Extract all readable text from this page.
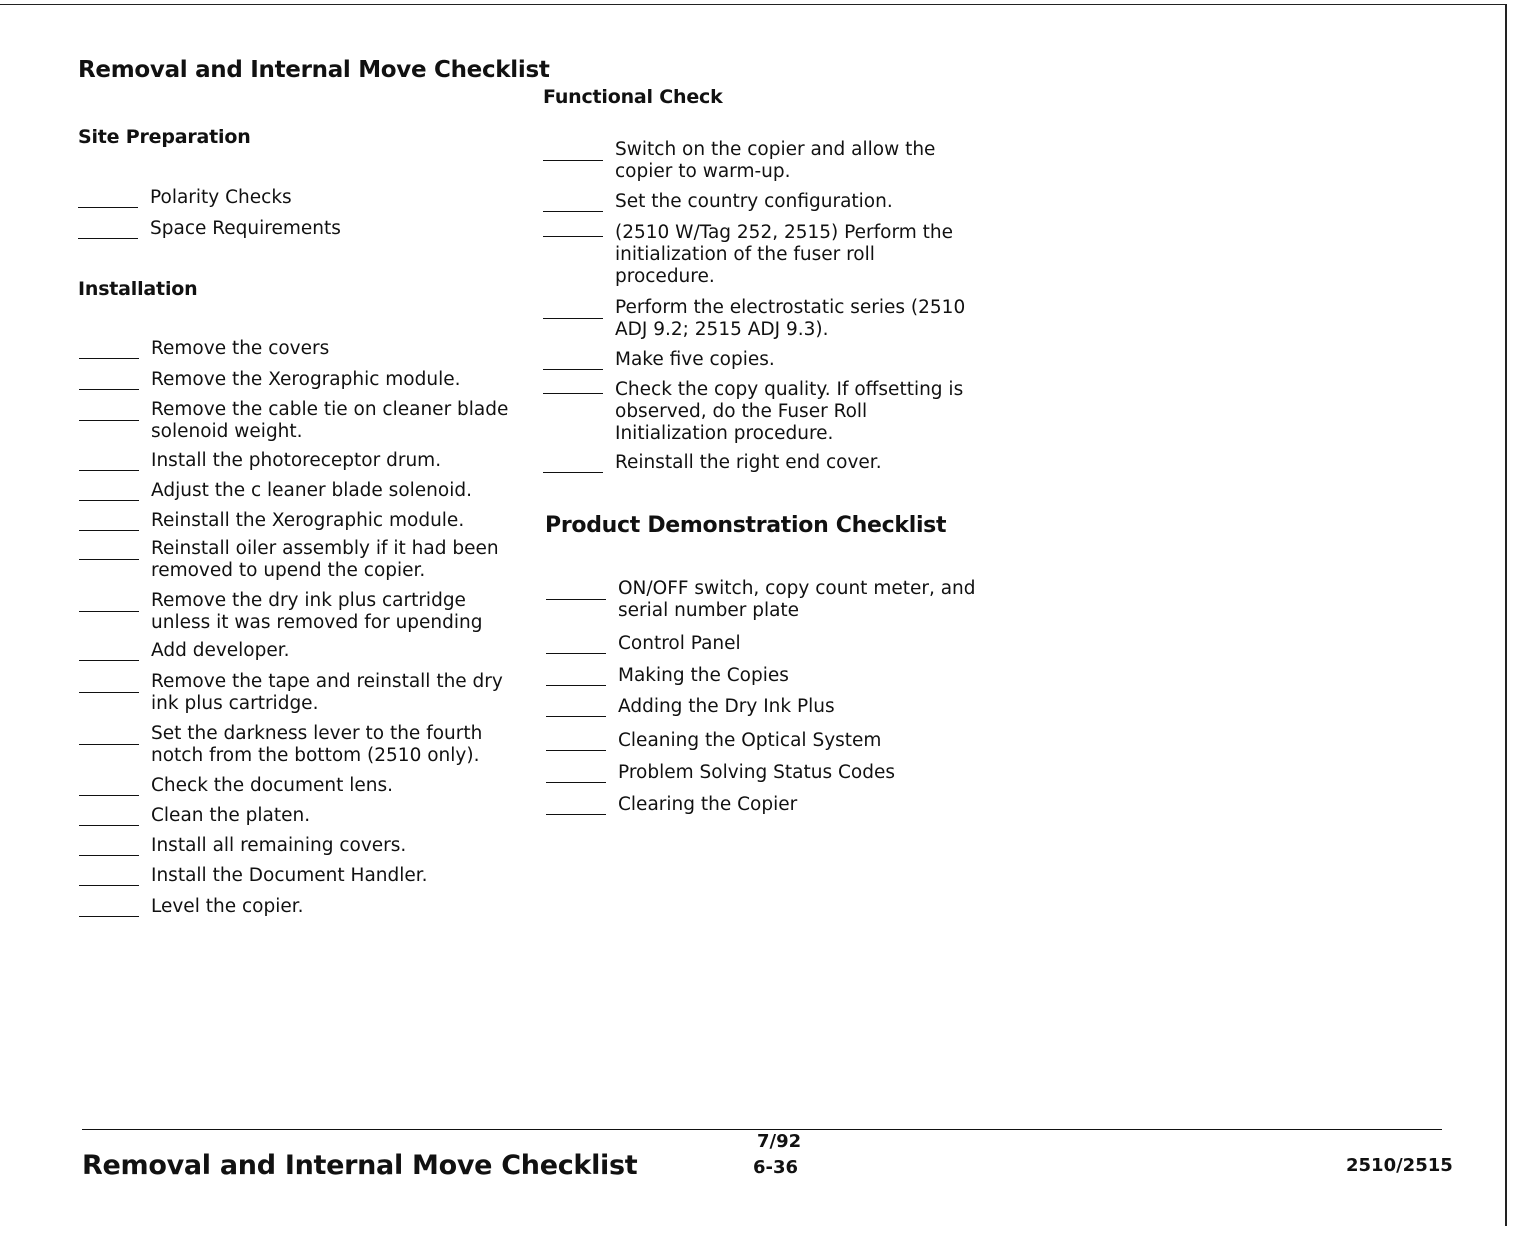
Removal and Internal Move Checklist
Site Preparation
Polarity Checks
Space Requirements
Installation
Remove the covers
Remove the Xerographic module.
Remove the cable tie on cleaner blade
solenoid weight.
Install the photoreceptor drum.
Adjust the c leaner blade solenoid.
Reinstall the Xerographic module.
Reinstall oiler assembly if it had been
removed to upend the copier.
Remove the dry ink plus cartridge
unless it was removed for upending
Add developer.
Remove the tape and reinstall the dry
ink plus cartridge.
Set the darkness lever to the fourth
notch from the bottom (2510 only).
Check the document lens.
Clean the platen.
Install all remaining covers.
Install the Document Handler.
Level the copier.
Functional Check
Switch on the copier and allow the
copier to warm-up.
Set the country configuration.
(2510 W/Tag 252, 2515) Perform the
initialization of the fuser roll
procedure.
Perform the electrostatic series (2510
ADJ 9.2; 2515 ADJ 9.3).
Make five copies.
Check the copy quality. If offsetting is
observed, do the Fuser Roll
Initialization procedure.
Reinstall the right end cover.
Product Demonstration Checklist
ON/OFF switch, copy count meter, and
serial number plate
Control Panel
Making the Copies
Adding the Dry Ink Plus
Cleaning the Optical System
Problem Solving Status Codes
Clearing the Copier
Removal and Internal Move Checklist
7/92
6-36	2510/2515
